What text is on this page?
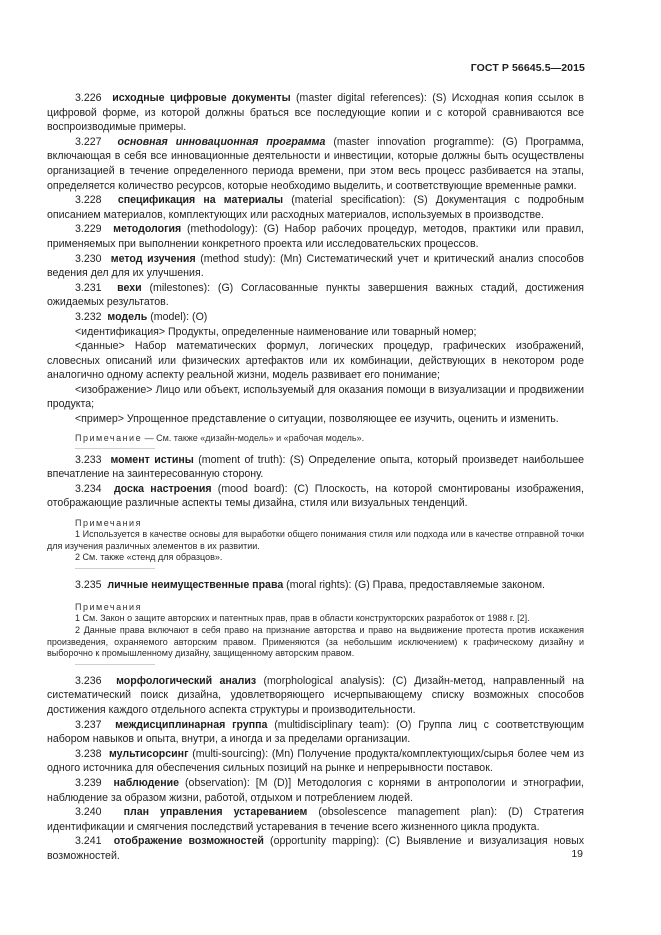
ГОСТ Р 56645.5—2015

3.226 исходные цифровые документы (master digital references): (S) Исходная копия ссылок в цифровой форме, из которой должны браться все последующие копии и с которой сравниваются все воспроизводимые примеры.

3.227 основная инновационная программа (master innovation programme): (G) Программа, включающая в себя все инновационные деятельности и инвестиции, которые должны быть осуществлены организацией в течение определенного периода времени, при этом весь процесс разбивается на этапы, определяется количество ресурсов, которые необходимо выделить, и соответствующие временные рамки.

3.228 спецификация на материалы (material specification): (S) Документация с подробным описанием материалов, комплектующих или расходных материалов, используемых в производстве.

3.229 методология (methodology): (G) Набор рабочих процедур, методов, практики или правил, применяемых при выполнении конкретного проекта или исследовательских процессов.

3.230 метод изучения (method study): (Mn) Систематический учет и критический анализ способов ведения дел для их улучшения.

3.231 вехи (milestones): (G) Согласованные пункты завершения важных стадий, достижения ожидаемых результатов.

3.232 модель (model): (O)

<идентификация> Продукты, определенные наименование или товарный номер;

<данные> Набор математических формул, логических процедур, графических изображений, словесных описаний или физических артефактов или их комбинации, действующих в некотором роде аналогично одному аспекту реальной жизни, модель развивает его понимание;

<изображение> Лицо или объект, используемый для оказания помощи в визуализации и продвижении продукта;

<пример> Упрощенное представление о ситуации, позволяющее ее изучить, оценить и изменить.

Примечание — См. также «дизайн-модель» и «рабочая модель».

3.233 момент истины (moment of truth): (S) Определение опыта, который произведет наибольшее впечатление на заинтересованную сторону.

3.234 доска настроения (mood board): (C) Плоскость, на которой смонтированы изображения, отображающие различные аспекты темы дизайна, стиля или визуальных тенденций.

Примечания

1 Используется в качестве основы для выработки общего понимания стиля или подхода или в качестве отправной точки для изучения различных элементов в их развитии.

2 См. также «стенд для образцов».

3.235 личные неимущественные права (moral rights): (G) Права, предоставляемые законом.

Примечания

1 См. Закон о защите авторских и патентных прав, прав в области конструкторских разработок от 1988 г. [2].

2 Данные права включают в себя право на признание авторства и право на выдвижение протеста против искажения произведения, охраняемого авторским правом. Применяются (за небольшим исключением) к графическому дизайну и выборочно к промышленному дизайну, защищенному авторским правом.

3.236 морфологический анализ (morphological analysis): (C) Дизайн-метод, направленный на систематический поиск дизайна, удовлетворяющего исчерпывающему списку возможных способов достижения каждого отдельного аспекта структуры и производительности.

3.237 междисциплинарная группа (multidisciplinary team): (O) Группа лиц с соответствующим набором навыков и опыта, внутри, а иногда и за пределами организации.

3.238 мультисорсинг (multi-sourcing): (Mn) Получение продукта/комплектующих/сырья более чем из одного источника для обеспечения сильных позиций на рынке и непрерывности поставок.

3.239 наблюдение (observation): [M (D)] Методология с корнями в антропологии и этнографии, наблюдение за образом жизни, работой, отдыхом и потреблением людей.

3.240 план управления устареванием (obsolescence management plan): (D) Стратегия идентификации и смягчения последствий устаревания в течение всего жизненного цикла продукта.

3.241 отображение возможностей (opportunity mapping): (C) Выявление и визуализация новых возможностей.	19
